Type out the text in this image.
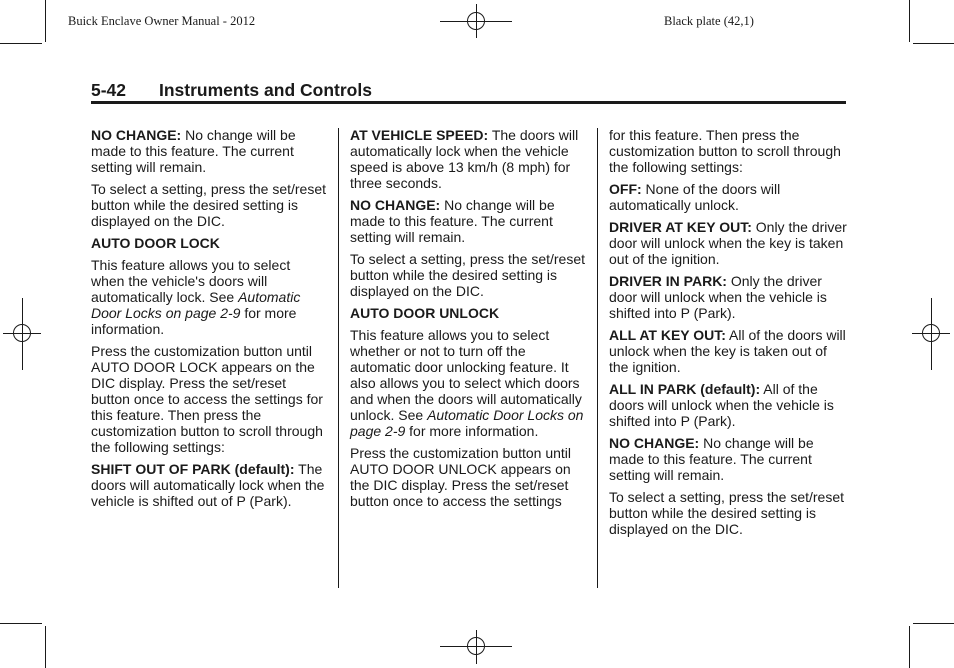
Buick Enclave Owner Manual - 2012	Black plate (42,1)
5-42 Instruments and Controls

NO CHANGE: No change will be made to this feature. The current setting will remain.

To select a setting, press the set/reset button while the desired setting is displayed on the DIC.

AUTO DOOR LOCK

This feature allows you to select when the vehicle's doors will automatically lock. See Automatic Door Locks on page 2-9 for more information.

Press the customization button until AUTO DOOR LOCK appears on the DIC display. Press the set/reset button once to access the settings for this feature. Then press the customization button to scroll through the following settings:

SHIFT OUT OF PARK (default): The doors will automatically lock when the vehicle is shifted out of P (Park).

AT VEHICLE SPEED: The doors will automatically lock when the vehicle speed is above 13 km/h (8 mph) for three seconds.

NO CHANGE: No change will be made to this feature. The current setting will remain.

To select a setting, press the set/reset button while the desired setting is displayed on the DIC.

AUTO DOOR UNLOCK

This feature allows you to select whether or not to turn off the automatic door unlocking feature. It also allows you to select which doors and when the doors will automatically unlock. See Automatic Door Locks on page 2-9 for more information.

Press the customization button until AUTO DOOR UNLOCK appears on the DIC display. Press the set/reset button once to access the settings

for this feature. Then press the customization button to scroll through the following settings:

OFF: None of the doors will automatically unlock.

DRIVER AT KEY OUT: Only the driver door will unlock when the key is taken out of the ignition.

DRIVER IN PARK: Only the driver door will unlock when the vehicle is shifted into P (Park).

ALL AT KEY OUT: All of the doors will unlock when the key is taken out of the ignition.

ALL IN PARK (default): All of the doors will unlock when the vehicle is shifted into P (Park).

NO CHANGE: No change will be made to this feature. The current setting will remain.

To select a setting, press the set/reset button while the desired setting is displayed on the DIC.
